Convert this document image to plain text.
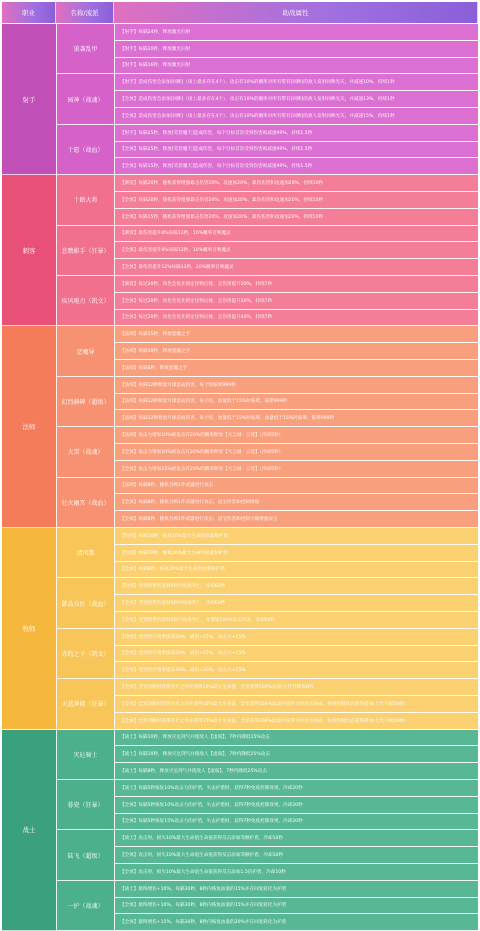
职业	名称/流派	助战属性
【射手】每隔24秒，释放激光扫射
【射手】每隔20秒，释放激光扫射
【射手】每隔16秒，释放激光扫射
狼袭乱甲
【射手】造成伤害会添加[回眸]（场上最多存在4个），攻击有10%的概率对所有带有[回眸]的敌人发射回眸光矢，并减速10%，持续1秒
【全体】造成伤害会添加[回眸]（场上最多存在4个），攻击有10%的概率对所有带有[回眸]的敌人发射回眸光矢，并减速13%，持续1秒
【全体】造成伤害会添加[回眸]（场上最多存在4个），攻击有10%的概率对所有带有[回眸]的敌人发射回眸光矢，并减速15%，持续1秒
园神（战魂）
【射手】每隔25秒，释放[笑怒魔天]造成伤害，每个目标首次受到伤害被减速99%，持续1.5秒
【全体】每隔25秒，释放[笑怒魔天]造成伤害，每个目标首次受到伤害被减速99%，持续1.5秒
【全体】每隔15秒，释放[笑怒魔天]造成伤害，每个目标首次受到伤害被减速99%，持续1.5秒
十愿（战血）
射手
【刺客】每隔20秒，随机获得增强暴击伤害20%、攻速加20%、暴伤伤害和攻速加20%，持续10秒
【全体】每隔20秒，随机获得增强暴击伤害20%、攻速加20%、暴伤伤害和攻速加20%，持续10秒
【全体】每隔15秒，随机获得增强暴击伤害20%、攻速加20%、暴伤伤害和攻速加20%，持续10秒
十路大将
【刺客】暴伤害提升8%每隔12秒，10%概率召唤魔灵
【全体】暴伤害提升8%每隔12秒，10%概率召唤魔灵
【全体】暴伤害提升12%每隔12秒，20%概率召唤魔灵
悲戮影手（狂暴）
【刺客】每过20秒，角色会优先锁定怪物后排，且伤害提升20%，持续7秒
【全体】每过20秒，角色会优先锁定怪物后排，且伤害提升20%，持续7秒
【全体】每过20秒，角色会优先锁定怪物后排，且伤害提升40%，持续7秒
疾风啦刃（凯文）
刺客
【法师】每隔15秒，释放恶魔之手
【法师】每隔10秒，释放恶魔之手
【法师】每隔8秒，释放恶魔之手
恶魔导
【法师】每隔12秒释放月球造成伤害，每个怪眩晕999秒
【法师】每隔12秒释放月球造成伤害，每小怪，血量低于15%时眩晕，眩晕999秒
【法师】每隔12秒释放月球造成伤害，每小怪，血量低于15%时眩晕，血量低于15%时眩晕，眩晕999秒
幻烈赫碑（超级）
【法师】攻击力增加10%被攻击有20%的概率释放【大云城 · 云母】（冷却5秒）
【全体】攻击力增加10%被攻击有20%的概率释放【大云城 · 云母】（冷却5秒）
【全体】攻击力增加15%被攻击有20%的概率释放【大云城 · 云母】（冷却5秒）
大雪（战魂）
【法师】每隔8秒，随机召唤1件武器进行攻击
【全体】每隔8秒，随机召唤1件武器进行攻击，法宝伤害和控制增强
【全体】每隔8秒，随机召唤1件武器进行攻击，法宝伤害和控制大幅增强法宝
壮火幽冥（战血）
法师
【牧师】每隔10秒，恢复20%最大生命的血量和护盾
【牧师】每隔10秒，恢复20%最大生命的血量和护盾
【全体】每隔8秒，恢复20%最大生命的血量和护盾
清风歌
【牧师】受到致死伤害时5秒内免疫死亡，冷却60秒
【全体】受到致死伤害时5秒内免疫死亡，冷却60秒
【全体】受到致死伤害时5秒内免疫死亡，并增加100%攻击伤害，冷却60秒
御晶良医（战血）
【牧师】受到治疗效果提高20%，减伤+15%，攻击力+15%
【全体】受到治疗效果提高20%，减伤+15%，攻击力+15%
【全体】受到治疗效果提高30%，减伤+20%，攻击力+15%
赤约之子（凯文）
【全体】全军顶级时获得圣光之环并获得10%最大生命值，全军获得100%血量(七代升级50秒)
【全体】全军顶级时获得圣光之环并获得10%最大生命值，全军获得100%血量并获得大约攻击加成，免疫控制状态获得提高(七代升级50秒)
【全体】全军顶级时获得圣光之环并获得15%最大生命值，全军获得100%血量并获得大约攻击加成，免疫控制状态获得提高(七代升级50秒)
天蓝神殿（狂暴）
牧师
【战士】每隔10秒，释放灾厄剑气并使敌人【虚弱】，7秒内降低15%攻击
【战士】每隔10秒，释放灾厄剑气并使敌人【虚弱】，7秒内降低15%攻击
【战士】每隔8秒，释放灾厄剑气并使敌人【虚弱】，7秒内降低25%攻击
灾厄骑士
【战士】每隔5秒恢复10%攻击力的护盾，失去护盾时，获得7秒免疫控制效果，冷却20秒
【全体】每隔5秒恢复10%攻击力的护盾，失去护盾时，获得7秒免疫控制效果，冷却20秒
【全体】每隔5秒恢复15%攻击力的护盾，失去护盾时，获得7秒免疫控制效果，冷却20秒
暮瓷（狂暴）
【战士】攻击时，损失10%最大生命值生命值获得反击添加等额护盾，冷却10秒
【全体】攻击时，损失10%最大生命值生命值获得反击添加等额护盾，冷却10秒
【全体】攻击时，损失10%最大生命值生命值获得反击添加1.5倍护盾，冷却10秒
陆飞（超级）
【战士】最终增伤+10%，每隔30秒，8秒内恢复血量的15%并在回复转化为护盾
【全体】最终增伤+10%，每隔30秒，8秒内恢复血量的15%并在回复转化为护盾
【全体】最终增伤+15%，每隔30秒，8秒内恢复血量的20%并在回复转化为护盾
一护（战魂）
战士
